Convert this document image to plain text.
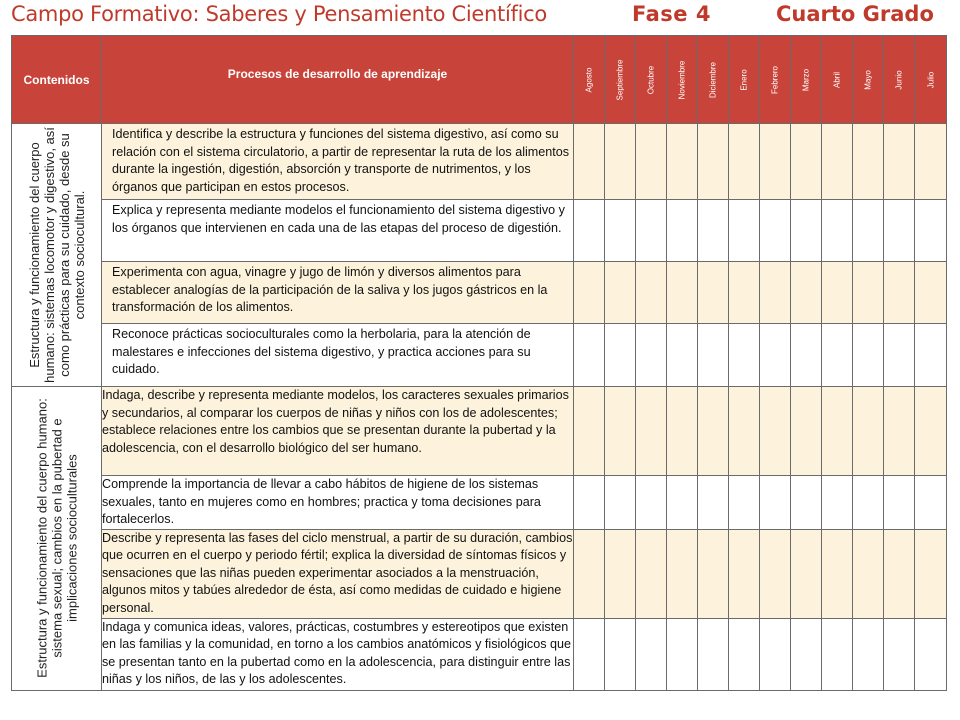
Campo Formativo: Saberes y Pensamiento Científico	Fase 4	Cuarto Grado
Contenidos	Procesos de desarrollo de aprendizaje	Agosto	Septiembre	Octubre	Noviembre	Diciembre	Enero	Febrero	Marzo	Abril	Mayo	Junio	Julio

Estructura y funcionamiento del cuerpo humano: sistemas locomotor y digestivo, así como prácticas para su cuidado, desde su contexto sociocultural.	Identifica y describe la estructura y funciones del sistema digestivo, así como su relación con el sistema circulatorio, a partir de representar la ruta de los alimentos durante la ingestión, digestión, absorción y transporte de nutrimentos, y los órganos que participan en estos procesos.												
	Explica y representa mediante modelos el funcionamiento del sistema digestivo y los órganos que intervienen en cada una de las etapas del proceso de digestión.												
	Experimenta con agua, vinagre y jugo de limón y diversos alimentos para establecer analogías de la participación de la saliva y los jugos gástricos en la transformación de los alimentos.												
	Reconoce prácticas socioculturales como la herbolaria, para la atención de malestares e infecciones del sistema digestivo, y practica acciones para su cuidado.												

Estructura y funcionamiento del cuerpo humano: sistema sexual; cambios en la pubertad e implicaciones socioculturales	Indaga, describe y representa mediante modelos, los caracteres sexuales primarios y secundarios, al comparar los cuerpos de niñas y niños con los de adolescentes; establece relaciones entre los cambios que se presentan durante la pubertad y la adolescencia, con el desarrollo biológico del ser humano.												
	Comprende la importancia de llevar a cabo hábitos de higiene de los sistemas sexuales, tanto en mujeres como en hombres; practica y toma decisiones para fortalecerlos.												
	Describe y representa las fases del ciclo menstrual, a partir de su duración, cambios que ocurren en el cuerpo y periodo fértil; explica la diversidad de síntomas físicos y sensaciones que las niñas pueden experimentar asociados a la menstruación, algunos mitos y tabúes alrededor de ésta, así como medidas de cuidado e higiene personal.												
	Indaga y comunica ideas, valores, prácticas, costumbres y estereotipos que existen en las familias y la comunidad, en torno a los cambios anatómicos y fisiológicos que se presentan tanto en la pubertad como en la adolescencia, para distinguir entre las niñas y los niños, de las y los adolescentes.												
